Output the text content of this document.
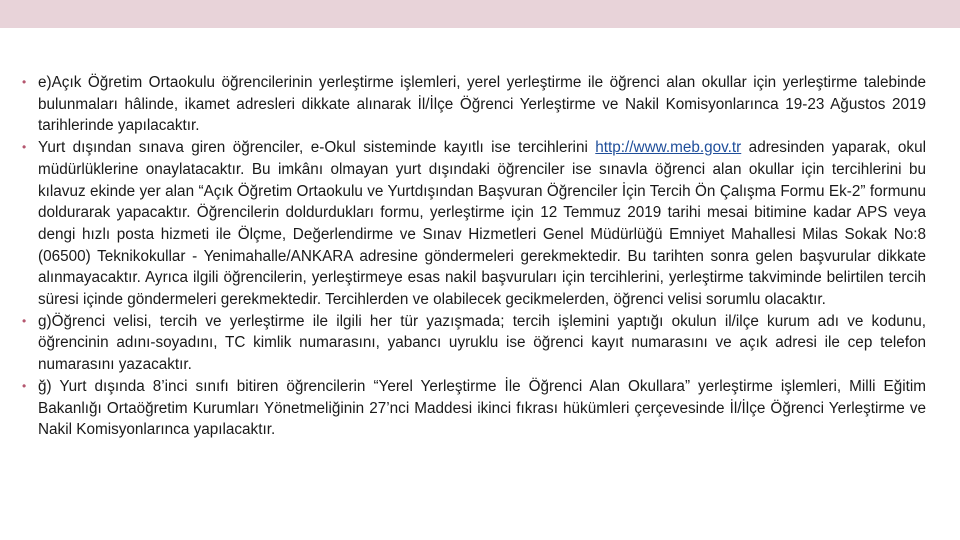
• e)Açık Öğretim Ortaokulu öğrencilerinin yerleştirme işlemleri, yerel yerleştirme ile öğrenci alan okullar için yerleştirme talebinde bulunmaları hâlinde, ikamet adresleri dikkate alınarak İl/İlçe Öğrenci Yerleştirme ve Nakil Komisyonlarınca 19-23 Ağustos 2019 tarihlerinde yapılacaktır.
• Yurt dışından sınava giren öğrenciler, e‐Okul sisteminde kayıtlı ise tercihlerini http://www.meb.gov.tr adresinden yaparak, okul müdürlüklerine onaylatacaktır. Bu imkânı olmayan yurt dışındaki öğrenciler ise sınavla öğrenci alan okullar için tercihlerini bu kılavuz ekinde yer alan “Açık Öğretim Ortaokulu ve Yurtdışından Başvuran Öğrenciler İçin Tercih Ön Çalışma Formu Ek‐2” formunu doldurarak yapacaktır. Öğrencilerin doldurdukları formu, yerleştirme için 12 Temmuz 2019 tarihi mesai bitimine kadar APS veya dengi hızlı posta hizmeti ile Ölçme, Değerlendirme ve Sınav Hizmetleri Genel Müdürlüğü Emniyet Mahallesi Milas Sokak No:8 (06500) Teknikokullar ‐ Yenimahalle/ANKARA adresine göndermeleri gerekmektedir. Bu tarihten sonra gelen başvurular dikkate alınmayacaktır. Ayrıca ilgili öğrencilerin, yerleştirmeye esas nakil başvuruları için tercihlerini, yerleştirme takviminde belirtilen tercih süresi içinde göndermeleri gerekmektedir. Tercihlerden ve olabilecek gecikmelerden, öğrenci velisi sorumlu olacaktır.
• g)Öğrenci velisi, tercih ve yerleştirme ile ilgili her tür yazışmada; tercih işlemini yaptığı okulun il/ilçe kurum adı ve kodunu, öğrencinin adını‐soyadını, TC kimlik numarasını, yabancı uyruklu ise öğrenci kayıt numarasını ve açık adresi ile cep telefon numarasını yazacaktır.
• ğ) Yurt dışında 8’inci sınıfı bitiren öğrencilerin “Yerel Yerleştirme İle Öğrenci Alan Okullara” yerleştirme işlemleri, Milli Eğitim Bakanlığı Ortaöğretim Kurumları Yönetmeliğinin 27’nci Maddesi ikinci fıkrası hükümleri çerçevesinde İl/İlçe Öğrenci Yerleştirme ve Nakil Komisyonlarınca yapılacaktır.
